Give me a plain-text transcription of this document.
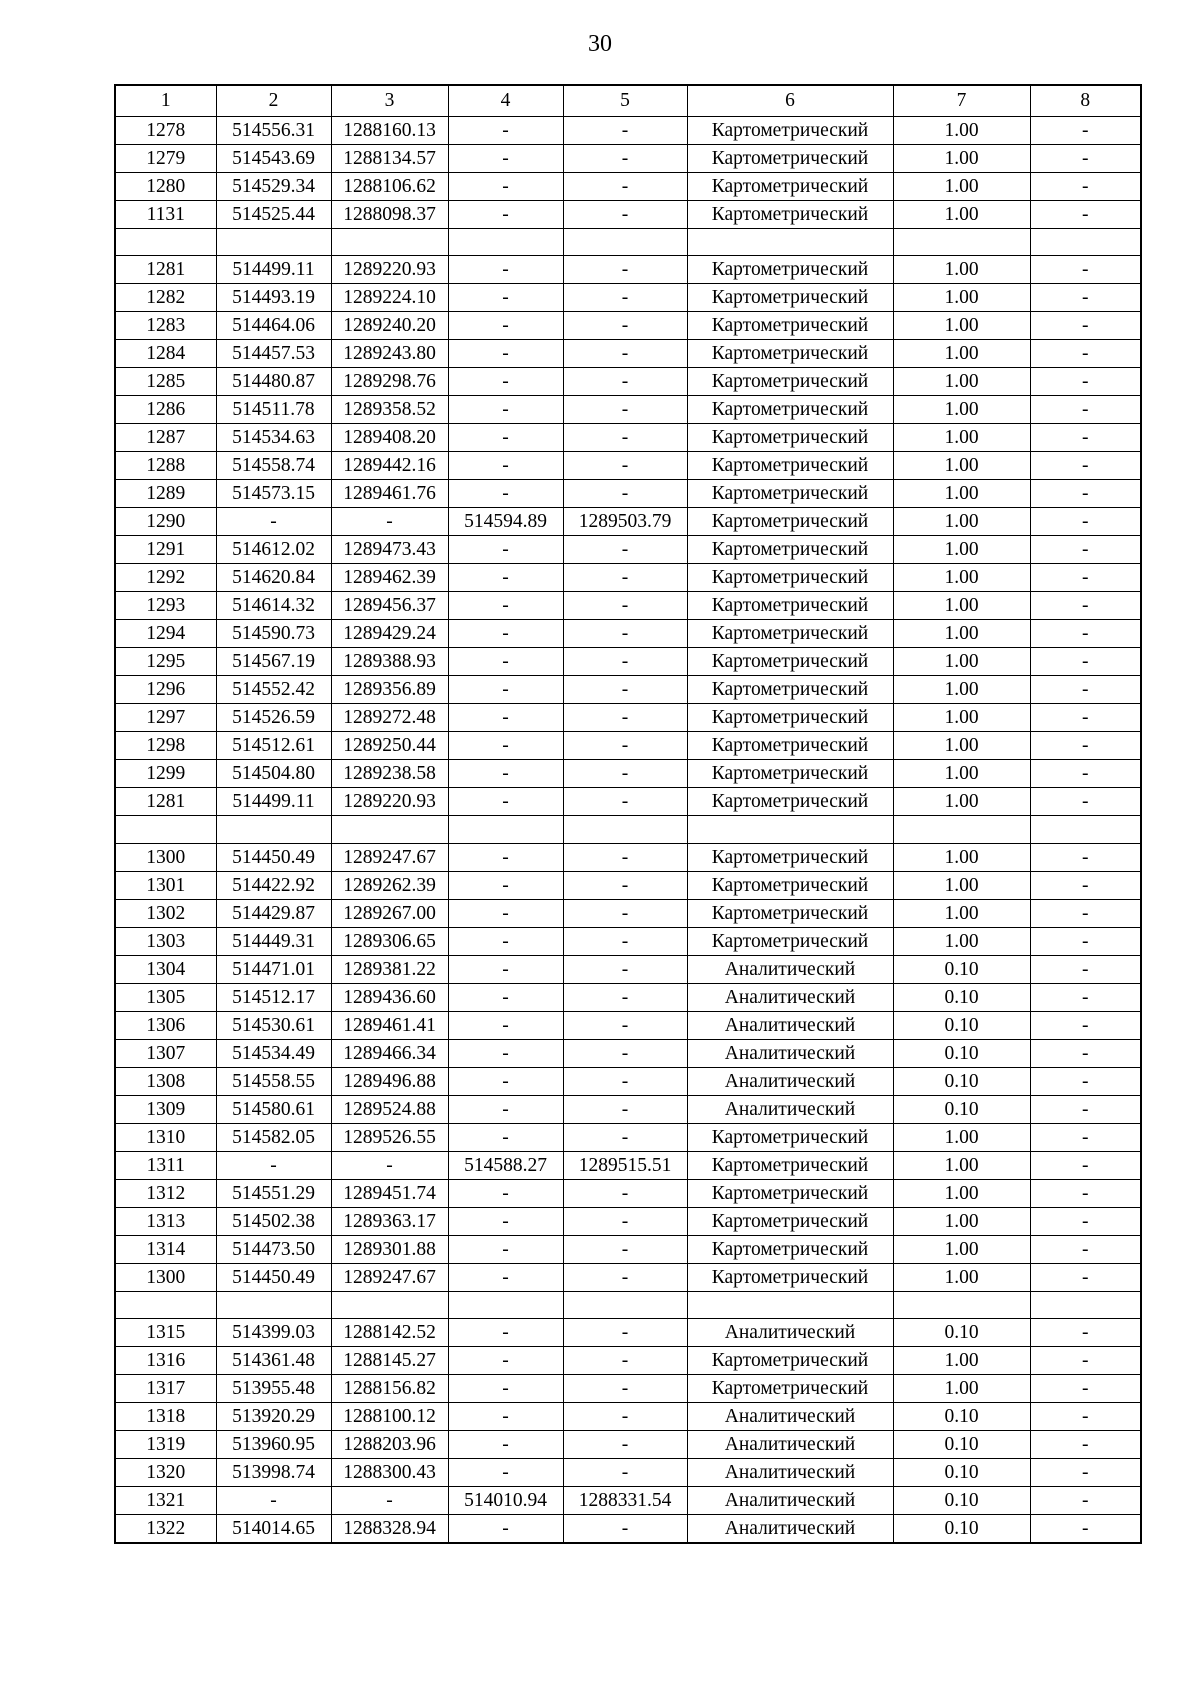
30
1	2	3	4	5	6	7	8
1278	514556.31	1288160.13	-	-	Картометрический	1.00	-
1279	514543.69	1288134.57	-	-	Картометрический	1.00	-
1280	514529.34	1288106.62	-	-	Картометрический	1.00	-
1131	514525.44	1288098.37	-	-	Картометрический	1.00	-

1281	514499.11	1289220.93	-	-	Картометрический	1.00	-
1282	514493.19	1289224.10	-	-	Картометрический	1.00	-
1283	514464.06	1289240.20	-	-	Картометрический	1.00	-
1284	514457.53	1289243.80	-	-	Картометрический	1.00	-
1285	514480.87	1289298.76	-	-	Картометрический	1.00	-
1286	514511.78	1289358.52	-	-	Картометрический	1.00	-
1287	514534.63	1289408.20	-	-	Картометрический	1.00	-
1288	514558.74	1289442.16	-	-	Картометрический	1.00	-
1289	514573.15	1289461.76	-	-	Картометрический	1.00	-
1290	-	-	514594.89	1289503.79	Картометрический	1.00	-
1291	514612.02	1289473.43	-	-	Картометрический	1.00	-
1292	514620.84	1289462.39	-	-	Картометрический	1.00	-
1293	514614.32	1289456.37	-	-	Картометрический	1.00	-
1294	514590.73	1289429.24	-	-	Картометрический	1.00	-
1295	514567.19	1289388.93	-	-	Картометрический	1.00	-
1296	514552.42	1289356.89	-	-	Картометрический	1.00	-
1297	514526.59	1289272.48	-	-	Картометрический	1.00	-
1298	514512.61	1289250.44	-	-	Картометрический	1.00	-
1299	514504.80	1289238.58	-	-	Картометрический	1.00	-
1281	514499.11	1289220.93	-	-	Картометрический	1.00	-

1300	514450.49	1289247.67	-	-	Картометрический	1.00	-
1301	514422.92	1289262.39	-	-	Картометрический	1.00	-
1302	514429.87	1289267.00	-	-	Картометрический	1.00	-
1303	514449.31	1289306.65	-	-	Картометрический	1.00	-
1304	514471.01	1289381.22	-	-	Аналитический	0.10	-
1305	514512.17	1289436.60	-	-	Аналитический	0.10	-
1306	514530.61	1289461.41	-	-	Аналитический	0.10	-
1307	514534.49	1289466.34	-	-	Аналитический	0.10	-
1308	514558.55	1289496.88	-	-	Аналитический	0.10	-
1309	514580.61	1289524.88	-	-	Аналитический	0.10	-
1310	514582.05	1289526.55	-	-	Картометрический	1.00	-
1311	-	-	514588.27	1289515.51	Картометрический	1.00	-
1312	514551.29	1289451.74	-	-	Картометрический	1.00	-
1313	514502.38	1289363.17	-	-	Картометрический	1.00	-
1314	514473.50	1289301.88	-	-	Картометрический	1.00	-
1300	514450.49	1289247.67	-	-	Картометрический	1.00	-

1315	514399.03	1288142.52	-	-	Аналитический	0.10	-
1316	514361.48	1288145.27	-	-	Картометрический	1.00	-
1317	513955.48	1288156.82	-	-	Картометрический	1.00	-
1318	513920.29	1288100.12	-	-	Аналитический	0.10	-
1319	513960.95	1288203.96	-	-	Аналитический	0.10	-
1320	513998.74	1288300.43	-	-	Аналитический	0.10	-
1321	-	-	514010.94	1288331.54	Аналитический	0.10	-
1322	514014.65	1288328.94	-	-	Аналитический	0.10	-
